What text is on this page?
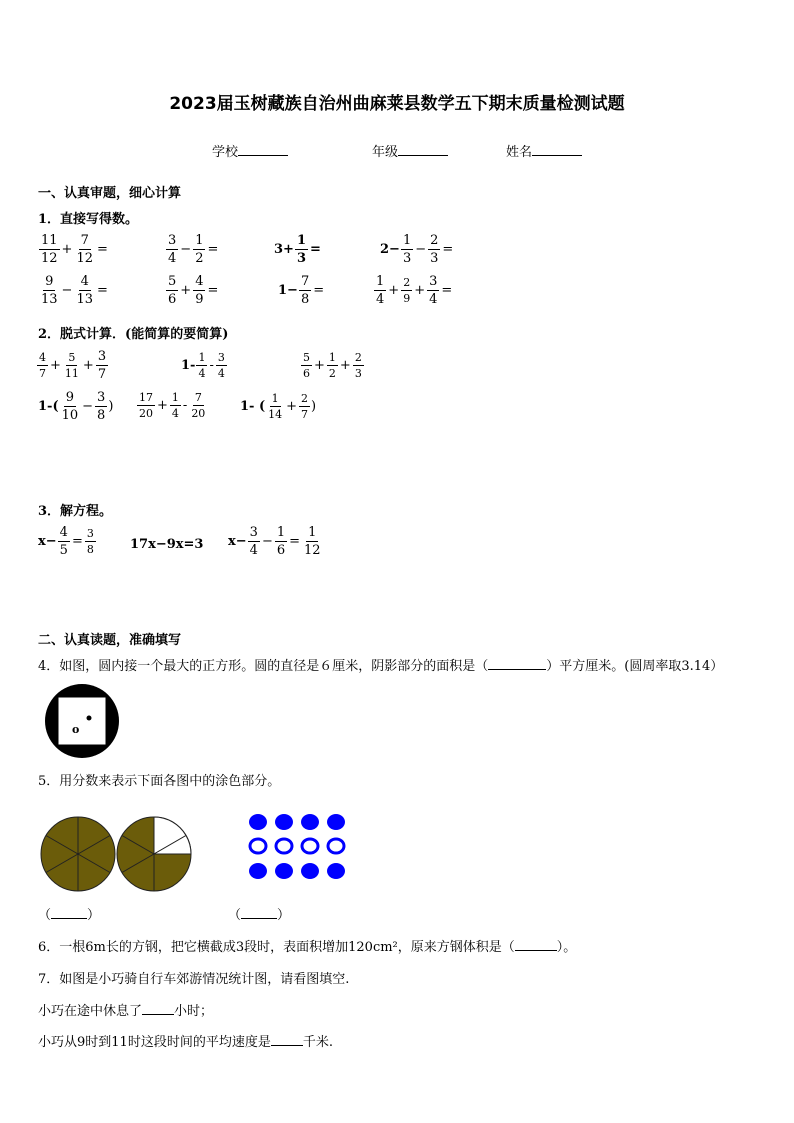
2023届玉树藏族自治州曲麻莱县数学五下期末质量检测试题
学校	年级	姓名
一、认真审题，细心计算
1．直接写得数。
$\frac{11}{12} + \frac{7}{12}$ =	$\frac{3}{4} - \frac{1}{2}$ =	$3+ \frac{1}{3}$ =	$2- \frac{1}{3} - \frac{2}{3}$ =
$\frac{9}{13} - \frac{4}{13}$ =	$\frac{5}{6} + \frac{4}{9}$ =	$1- \frac{7}{8}$ =	$\frac{1}{4} + \frac{2}{9} + \frac{3}{4}$ =
2．脱式计算．(能简算的要简算)
$\frac{4}{7} + \frac{5}{11} + \frac{3}{7}$	$1- \frac{1}{4} - \frac{3}{4}$	$\frac{5}{6} + \frac{1}{2} + \frac{2}{3}$
$1-( \frac{9}{10} - \frac{3}{8}$ ) $\frac{17}{20} + \frac{1}{4} - \frac{7}{20}$	1- ( $\frac{1}{14} + \frac{2}{7}$ )
3．解方程。
$x- \frac{4}{5} = \frac{3}{8}$	17x−9x=3 $x- \frac{3}{4} - \frac{1}{6} = \frac{1}{12}$
二、认真读题，准确填写
4．如图，圆内接一个最大的正方形。圆的直径是６厘米，阴影部分的面积是（	）平方厘米。(圆周率取3.14）
o
5．用分数来表示下面各图中的涂色部分。
（	）	（	）
6．一根6m长的方钢，把它横截成3段时，表面积增加120cm²，原来方钢体积是（	）。
7．如图是小巧骑自行车郊游情况统计图，请看图填空.
小巧在途中休息了 小时；
小巧从9时到11时这段时间的平均速度是 千米.
